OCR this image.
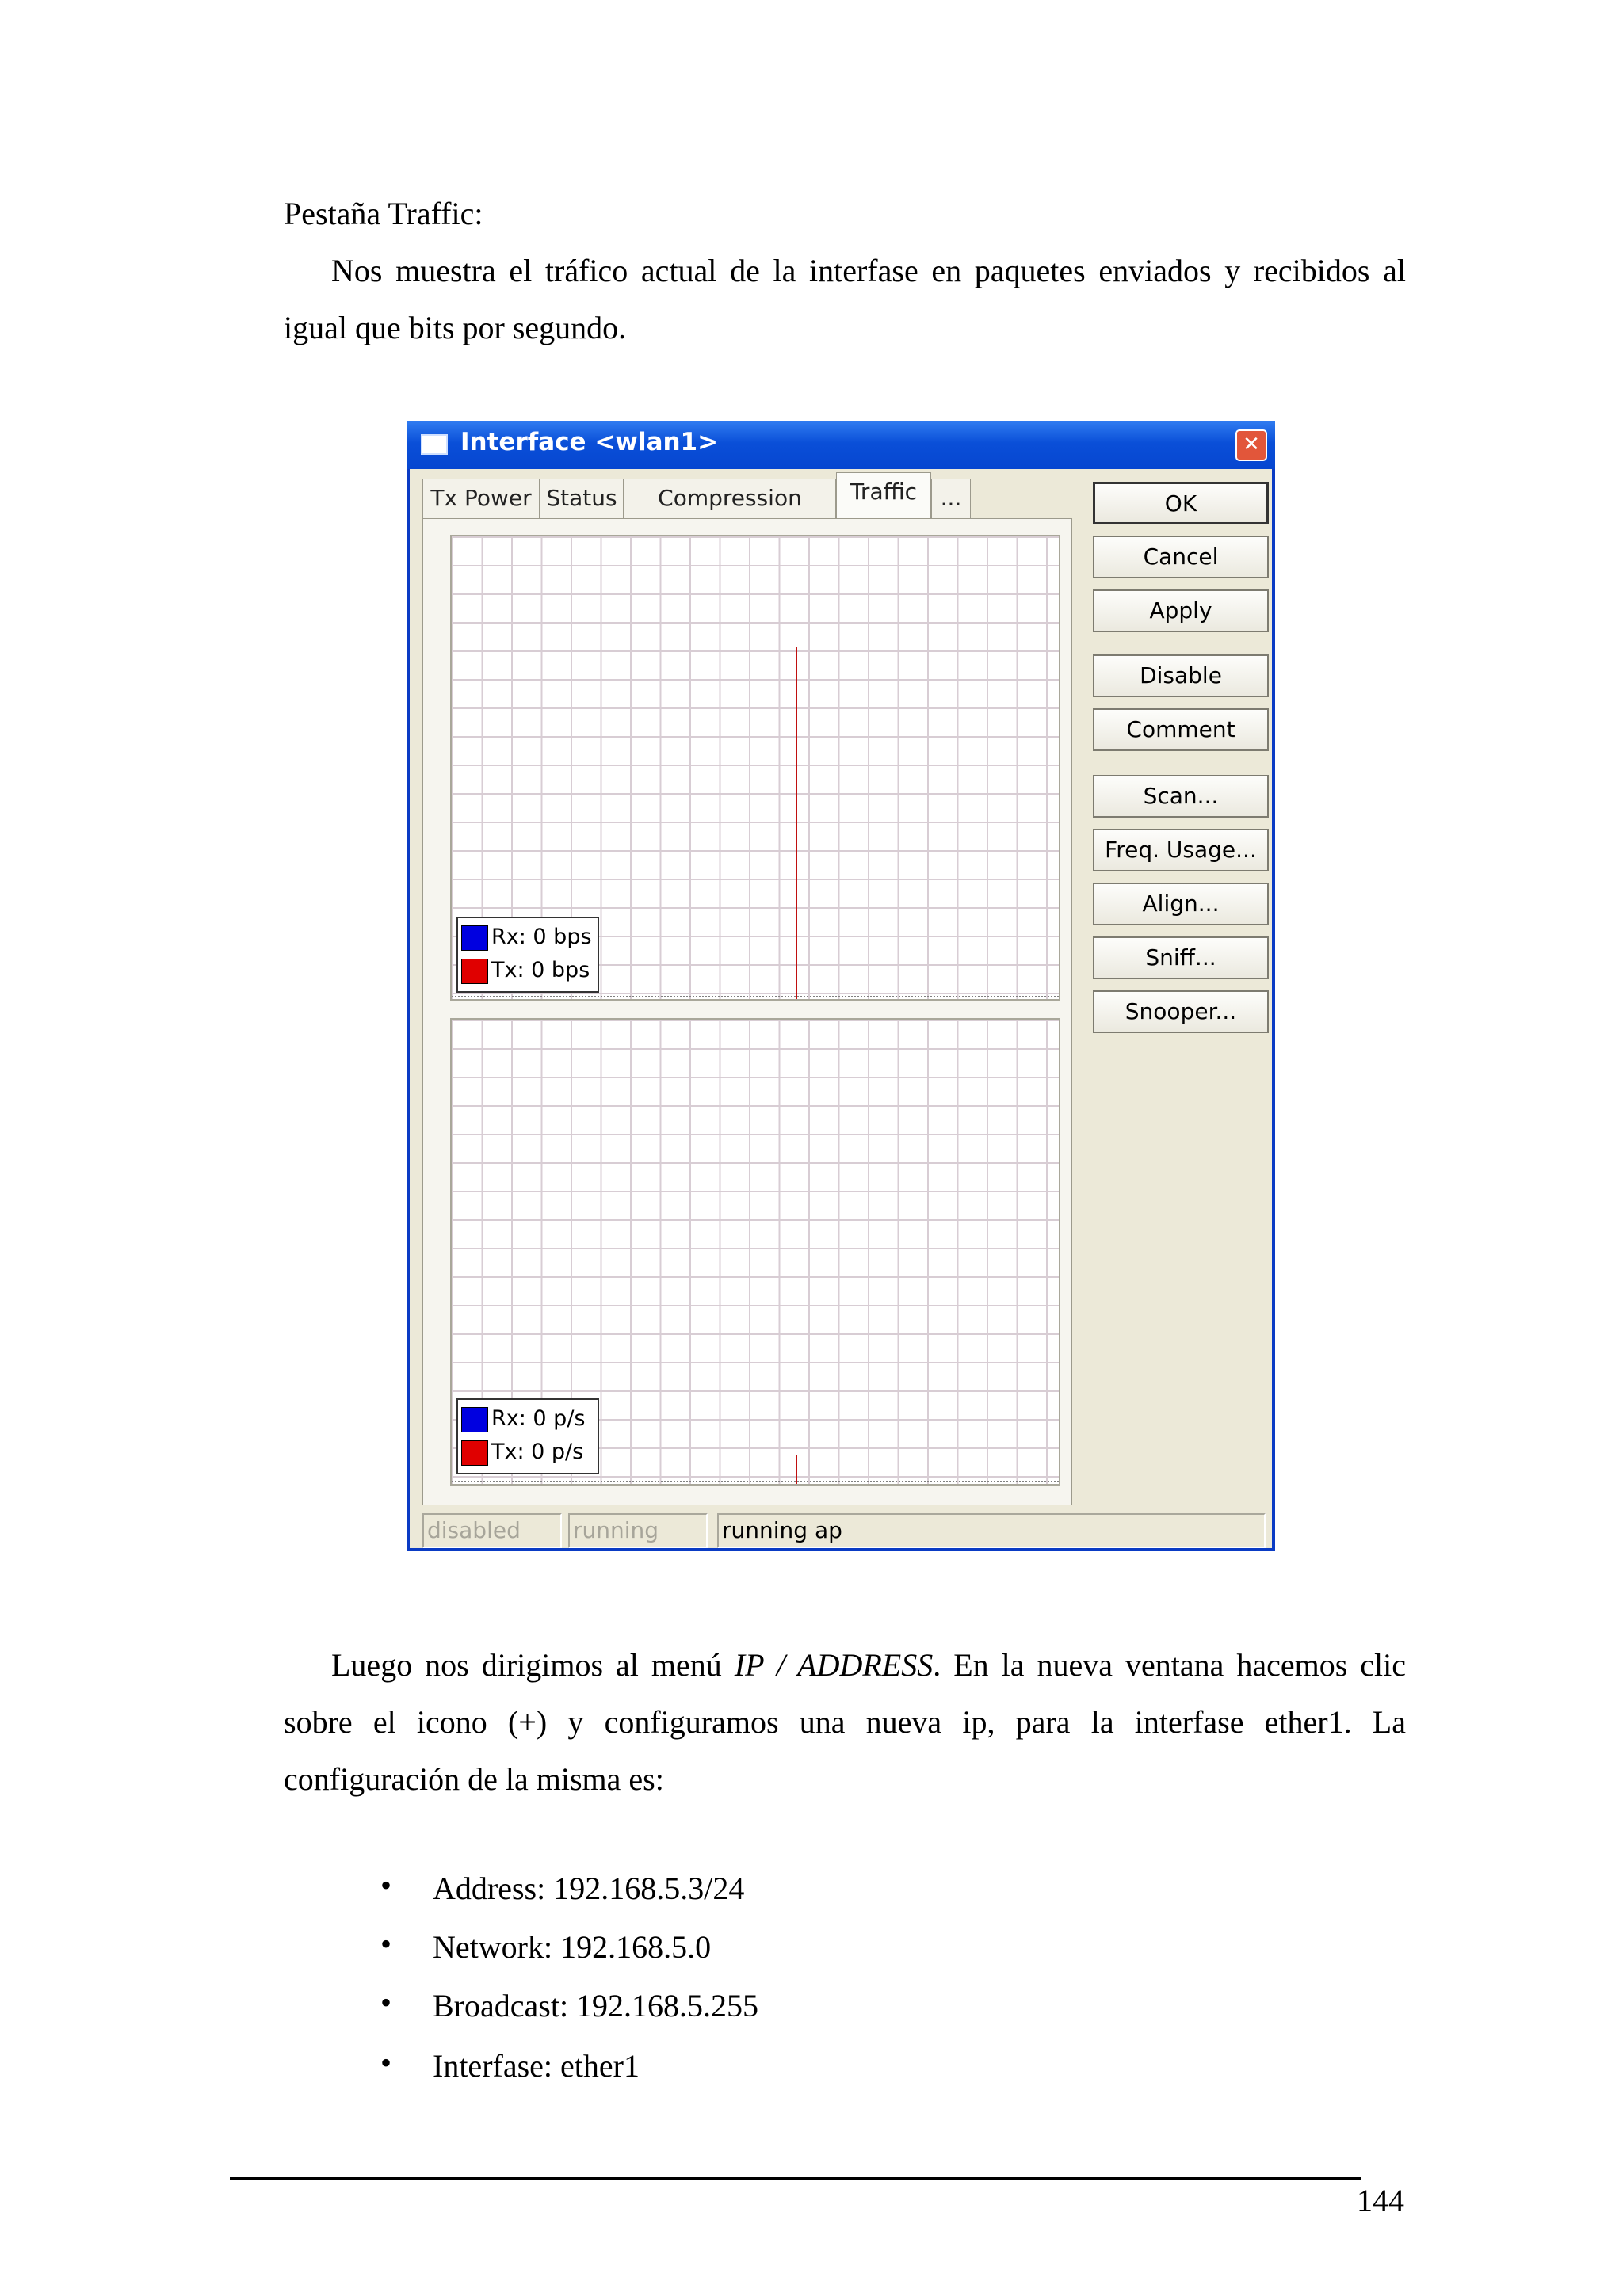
Pestaña Traffic:
Nos muestra el tráfico actual de la interfase en paquetes enviados y recibidos al
igual que bits por segundo.
Interface <wlan1>	✕
Tx Power Status	Compression	Traffic	...
Rx: 0 bps
Tx: 0 bps
Rx: 0 p/s
Tx: 0 p/s
OK
Cancel
Apply
Disable
Comment
Scan...
Freq. Usage...
Align...
Sniff...
Snooper...
disabled	running	running ap
Luego nos dirigimos al menú IP / ADDRESS. En la nueva ventana hacemos clic
sobre el icono (+) y configuramos una nueva ip, para la interfase ether1. La
configuración de la misma es:
• Address: 192.168.5.3/24
• Network: 192.168.5.0
• Broadcast: 192.168.5.255
• Interfase: ether1
144
